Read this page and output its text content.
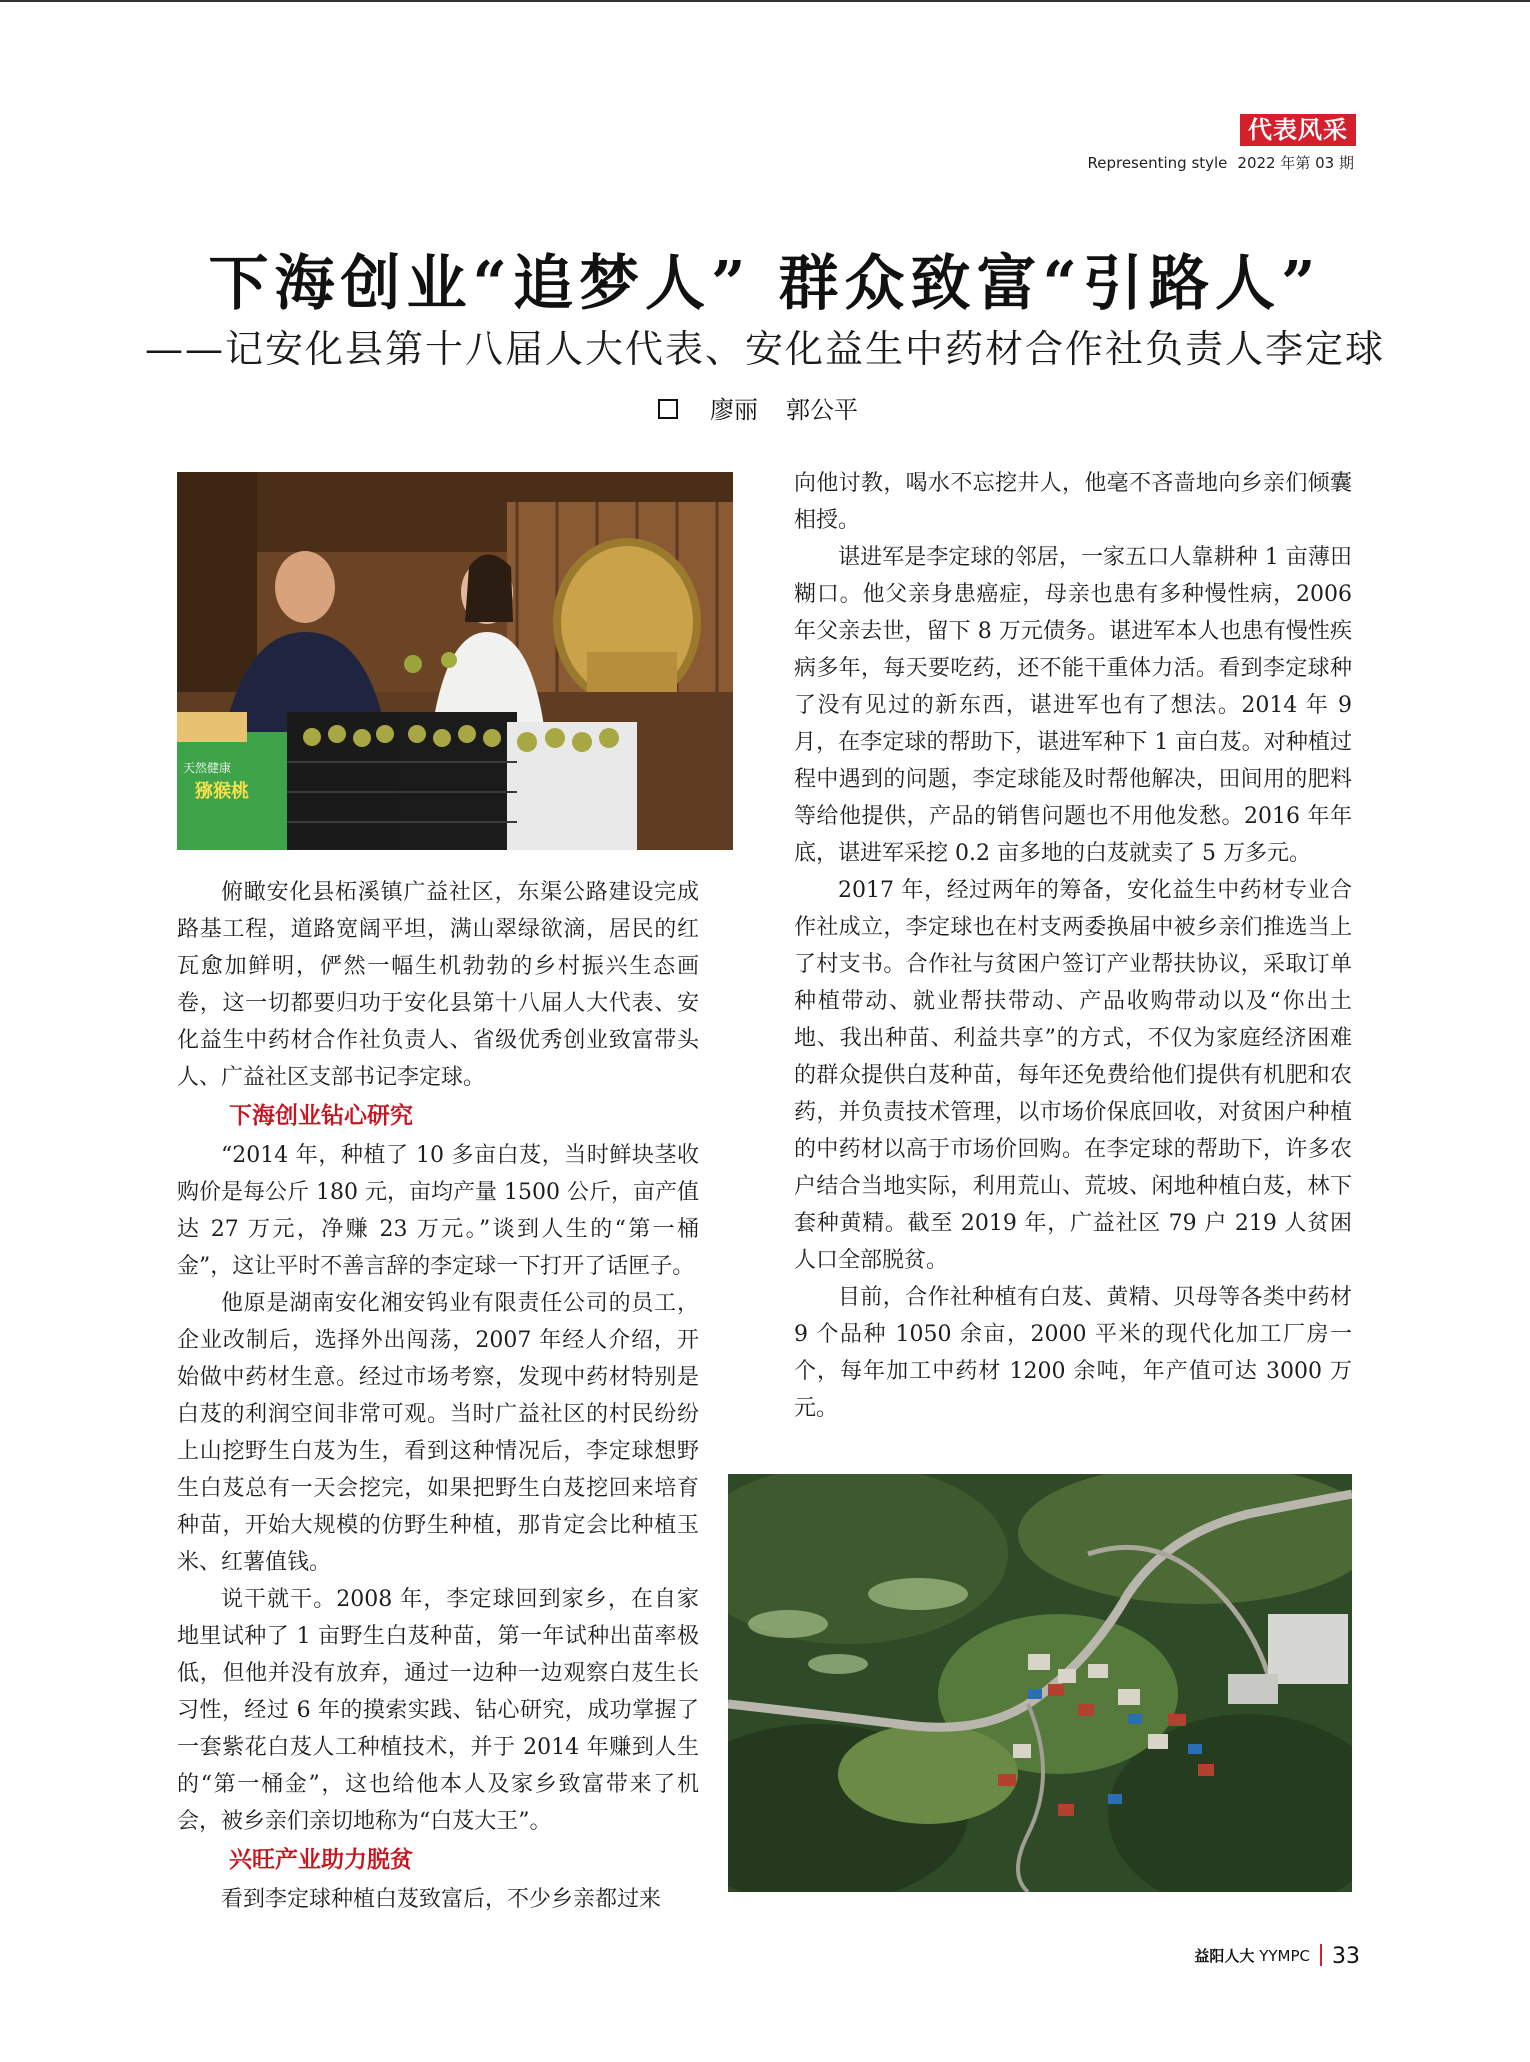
代表风采
Representing style 2022 年第 03 期
下海创业“追梦人” 群众致富“引路人”
——记安化县第十八届人大代表、安化益生中药材合作社负责人李定球
廖丽 郭公平
天然健康
猕猴桃

俯瞰安化县柘溪镇广益社区，东渠公路建设完成路基工程，道路宽阔平坦，满山翠绿欲滴，居民的红瓦愈加鲜明，俨然一幅生机勃勃的乡村振兴生态画卷，这一切都要归功于安化县第十八届人大代表、安化益生中药材合作社负责人、省级优秀创业致富带头人、广益社区支部书记李定球。

下海创业钻心研究

“2014 年，种植了 10 多亩白芨，当时鲜块茎收购价是每公斤 180 元，亩均产量 1500 公斤，亩产值达 27 万元，净赚 23 万元。”谈到人生的“第一桶金”，这让平时不善言辞的李定球一下打开了话匣子。

他原是湖南安化湘安钨业有限责任公司的员工，企业改制后，选择外出闯荡，2007 年经人介绍，开始做中药材生意。经过市场考察，发现中药材特别是白芨的利润空间非常可观。当时广益社区的村民纷纷上山挖野生白芨为生，看到这种情况后，李定球想野生白芨总有一天会挖完，如果把野生白芨挖回来培育种苗，开始大规模的仿野生种植，那肯定会比种植玉米、红薯值钱。

说干就干。2008 年，李定球回到家乡，在自家地里试种了 1 亩野生白芨种苗，第一年试种出苗率极低，但他并没有放弃，通过一边种一边观察白芨生长习性，经过 6 年的摸索实践、钻心研究，成功掌握了一套紫花白芨人工种植技术，并于 2014 年赚到人生的“第一桶金”，这也给他本人及家乡致富带来了机会，被乡亲们亲切地称为“白芨大王”。

兴旺产业助力脱贫

看到李定球种植白芨致富后，不少乡亲都过来

向他讨教，喝水不忘挖井人，他毫不吝啬地向乡亲们倾囊相授。

谌进军是李定球的邻居，一家五口人靠耕种 1 亩薄田糊口。他父亲身患癌症，母亲也患有多种慢性病，2006 年父亲去世，留下 8 万元债务。谌进军本人也患有慢性疾病多年，每天要吃药，还不能干重体力活。看到李定球种了没有见过的新东西，谌进军也有了想法。2014 年 9 月，在李定球的帮助下，谌进军种下 1 亩白芨。对种植过程中遇到的问题，李定球能及时帮他解决，田间用的肥料等给他提供，产品的销售问题也不用他发愁。2016 年年底，谌进军采挖 0.2 亩多地的白芨就卖了 5 万多元。

2017 年，经过两年的筹备，安化益生中药材专业合作社成立，李定球也在村支两委换届中被乡亲们推选当上了村支书。合作社与贫困户签订产业帮扶协议，采取订单种植带动、就业帮扶带动、产品收购带动以及“你出土地、我出种苗、利益共享”的方式，不仅为家庭经济困难的群众提供白芨种苗，每年还免费给他们提供有机肥和农药，并负责技术管理，以市场价保底回收，对贫困户种植的中药材以高于市场价回购。在李定球的帮助下，许多农户结合当地实际，利用荒山、荒坡、闲地种植白芨，林下套种黄精。截至 2019 年，广益社区 79 户 219 人贫困人口全部脱贫。

目前，合作社种植有白芨、黄精、贝母等各类中药材 9 个品种 1050 余亩，2000 平米的现代化加工厂房一个，每年加工中药材 1200 余吨，年产值可达 3000 万元。

益阳人大 YYMPC 33
